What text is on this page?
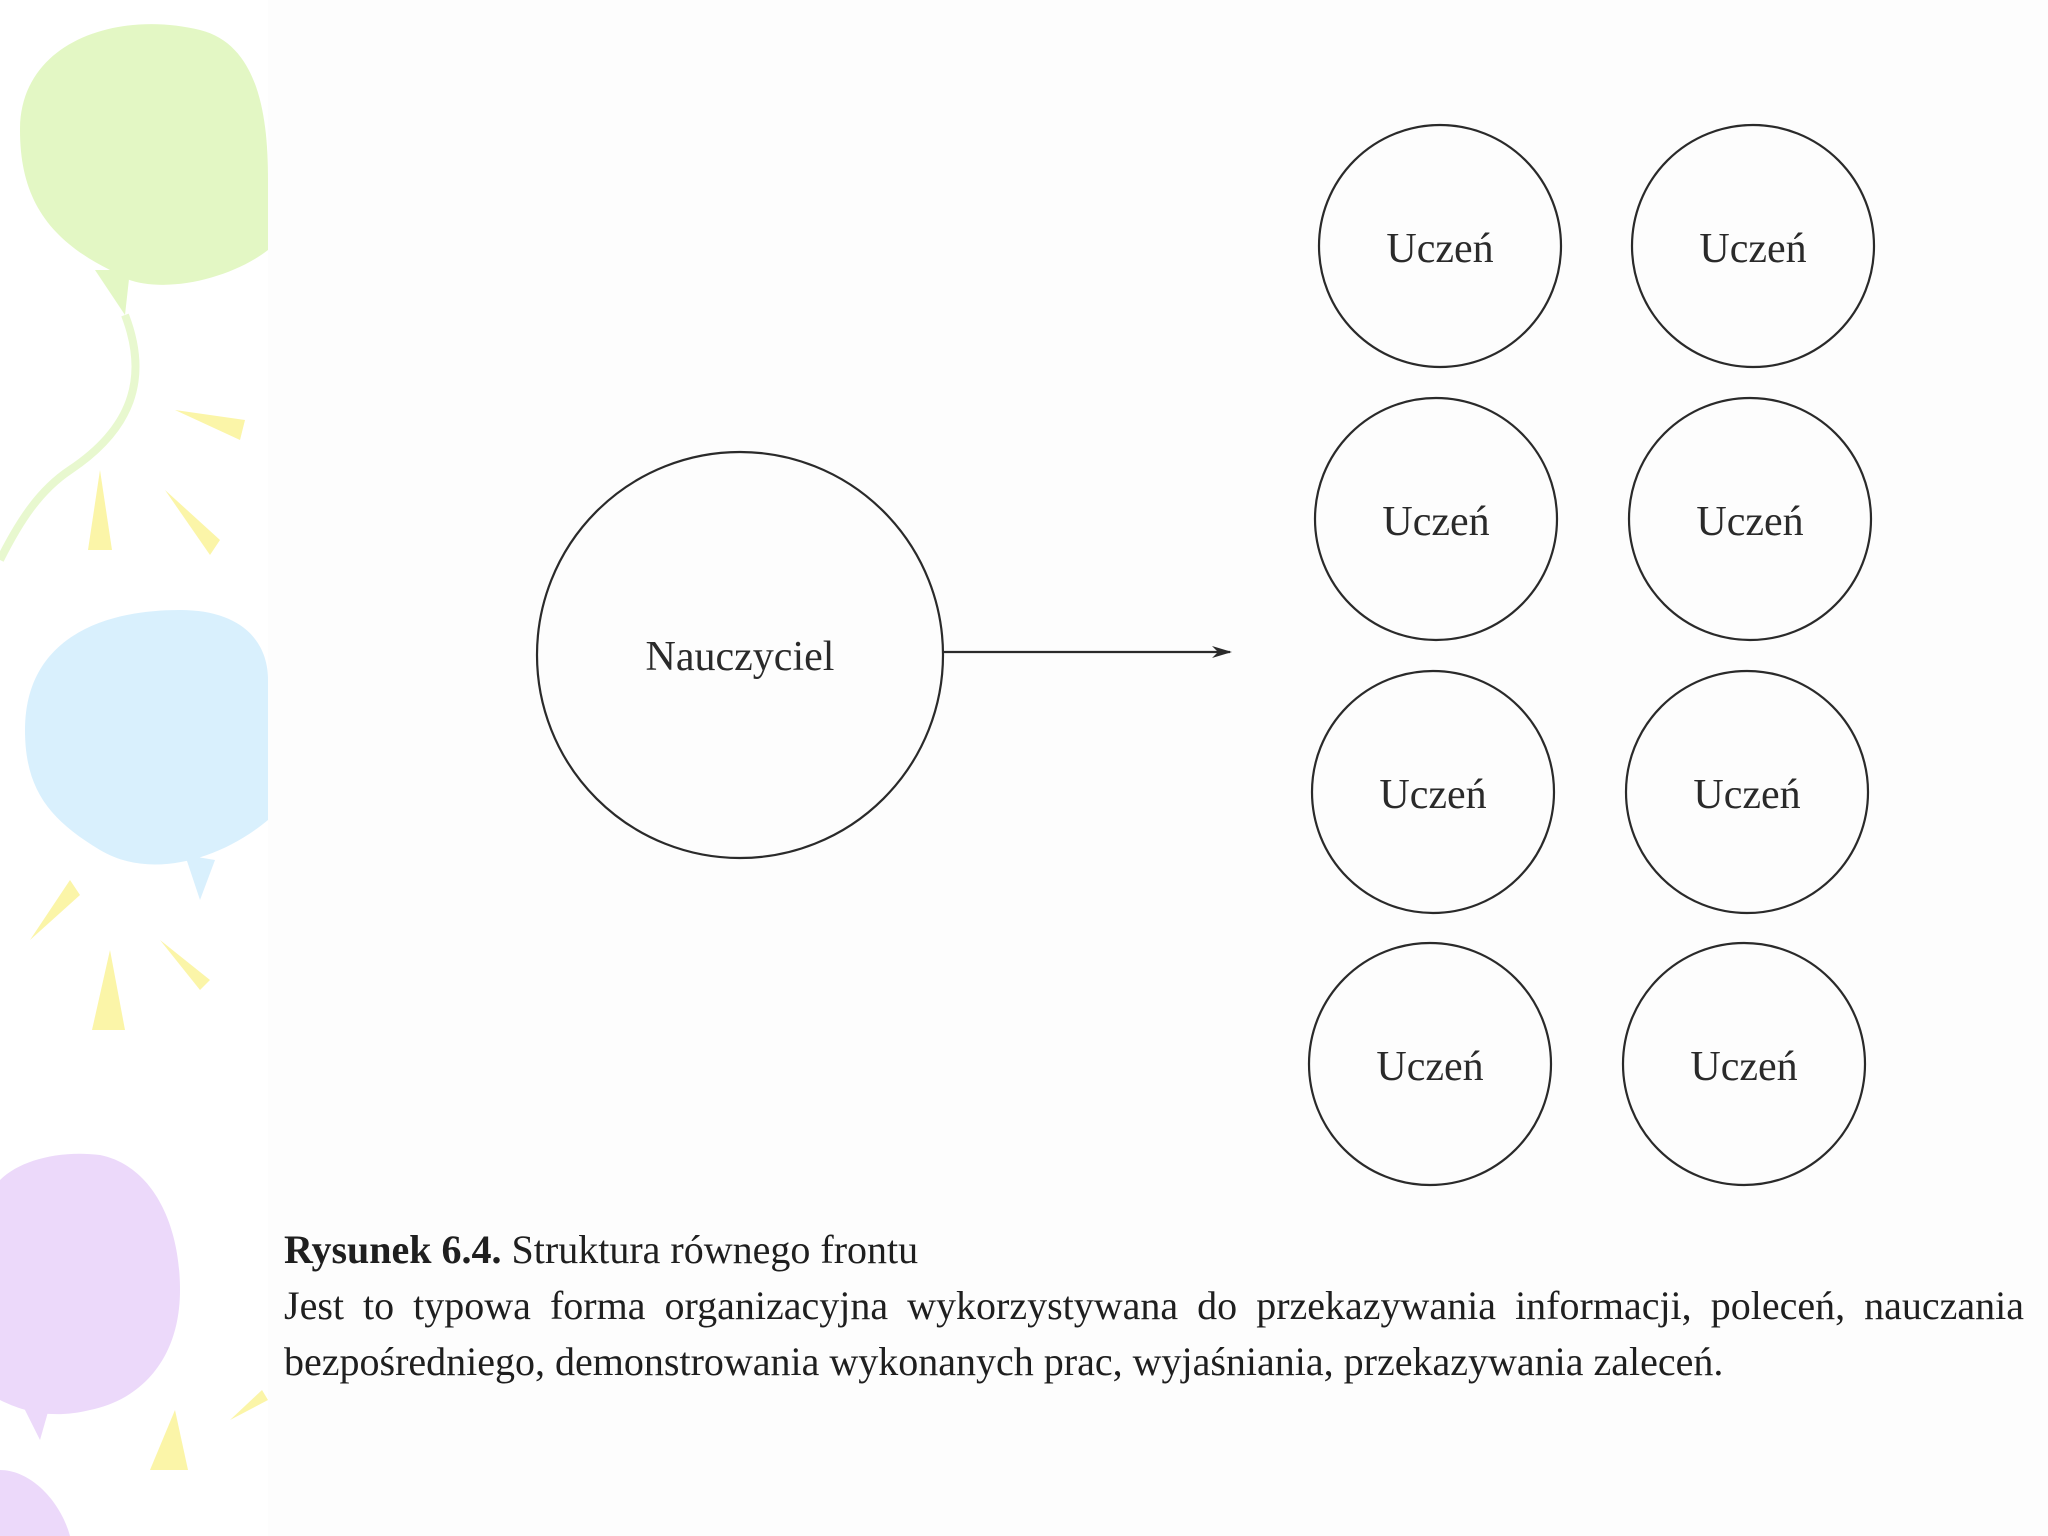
Nauczyciel
Uczeń	Uczeń
Uczeń	Uczeń
Uczeń	Uczeń
Uczeń	Uczeń
Rysunek 6.4. Struktura równego frontu
Jest to typowa forma organizacyjna wykorzystywana do przekazywania informacji, poleceń, nauczania bezpośredniego, demonstrowania wykonanych prac, wyjaśniania, przekazywania zaleceń.
